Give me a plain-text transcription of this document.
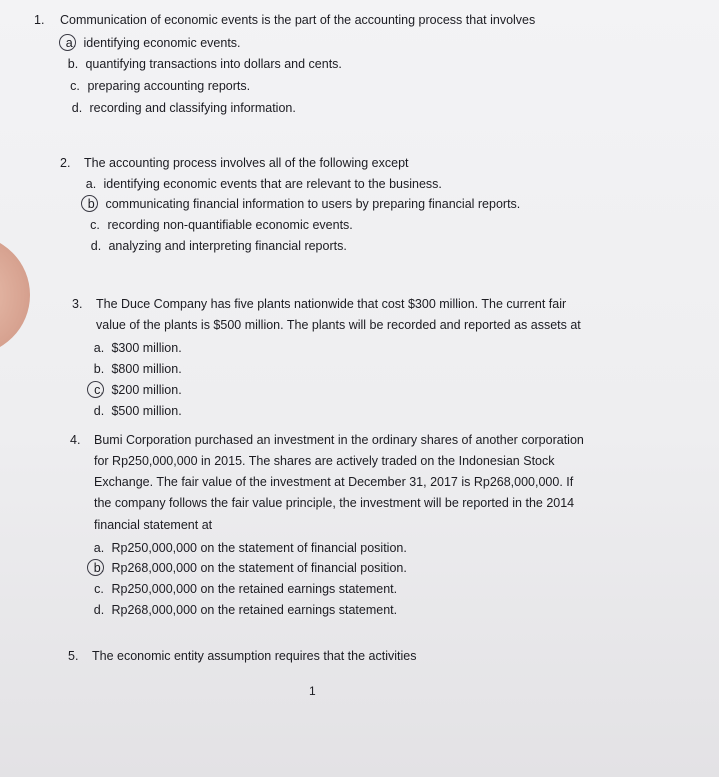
1. Communication of economic events is the part of the accounting process that involves
a. identifying economic events.
b. quantifying transactions into dollars and cents.
c. preparing accounting reports.
d. recording and classifying information.
2. The accounting process involves all of the following except
a. identifying economic events that are relevant to the business.
b. communicating financial information to users by preparing financial reports.
c. recording non-quantifiable economic events.
d. analyzing and interpreting financial reports.
3. The Duce Company has five plants nationwide that cost $300 million. The current fair
value of the plants is $500 million. The plants will be recorded and reported as assets at
a. $300 million.
b. $800 million.
c. $200 million.
d. $500 million.
4. Bumi Corporation purchased an investment in the ordinary shares of another corporation
for Rp250,000,000 in 2015. The shares are actively traded on the Indonesian Stock
Exchange. The fair value of the investment at December 31, 2017 is Rp268,000,000. If
the company follows the fair value principle, the investment will be reported in the 2014
financial statement at
a. Rp250,000,000 on the statement of financial position.
b. Rp268,000,000 on the statement of financial position.
c. Rp250,000,000 on the retained earnings statement.
d. Rp268,000,000 on the retained earnings statement.
5. The economic entity assumption requires that the activities
1
